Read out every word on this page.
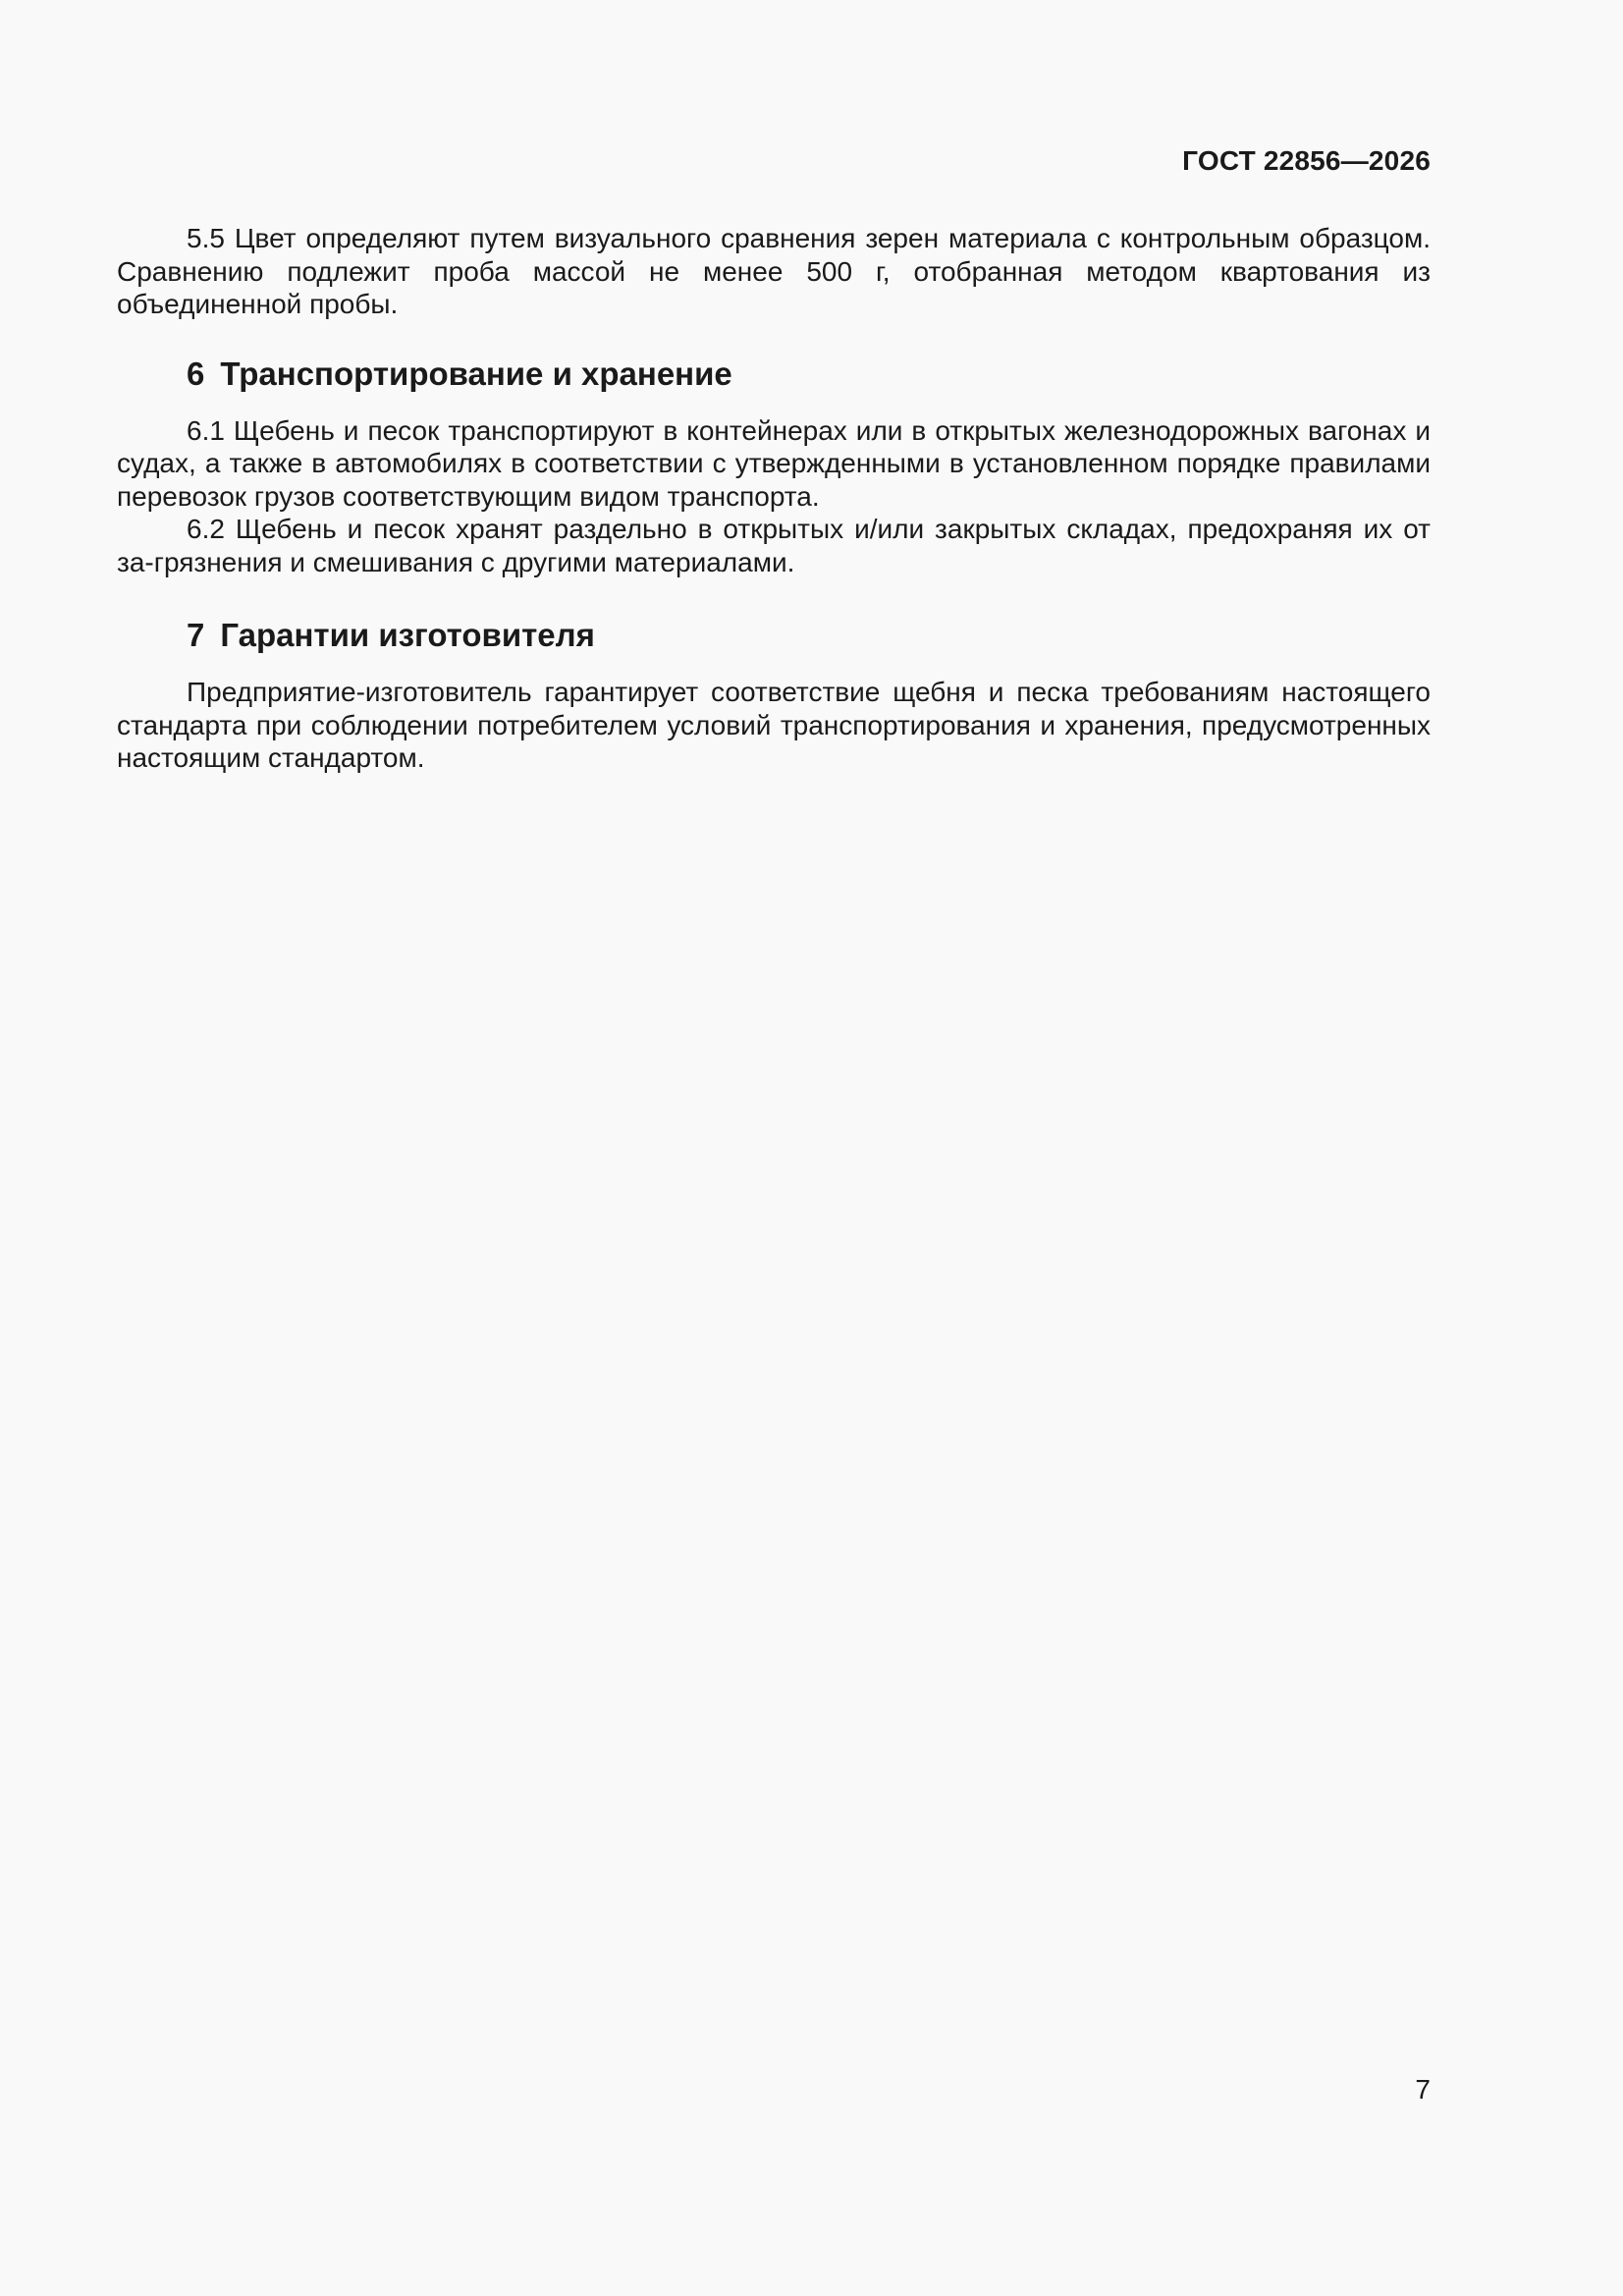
ГОСТ 22856—2026

5.5 Цвет определяют путем визуального сравнения зерен материала с контрольным образцом. Сравнению подлежит проба массой не менее 500 г, отобранная методом квартования из объединенной пробы.

6 Транспортирование и хранение

6.1 Щебень и песок транспортируют в контейнерах или в открытых железнодорожных вагонах и судах, а также в автомобилях в соответствии с утвержденными в установленном порядке правилами перевозок грузов соответствующим видом транспорта.

6.2 Щебень и песок хранят раздельно в открытых и/или закрытых складах, предохраняя их от за-грязнения и смешивания с другими материалами.

7 Гарантии изготовителя

Предприятие-изготовитель гарантирует соответствие щебня и песка требованиям настоящего стандарта при соблюдении потребителем условий транспортирования и хранения, предусмотренных настоящим стандартом.

7
